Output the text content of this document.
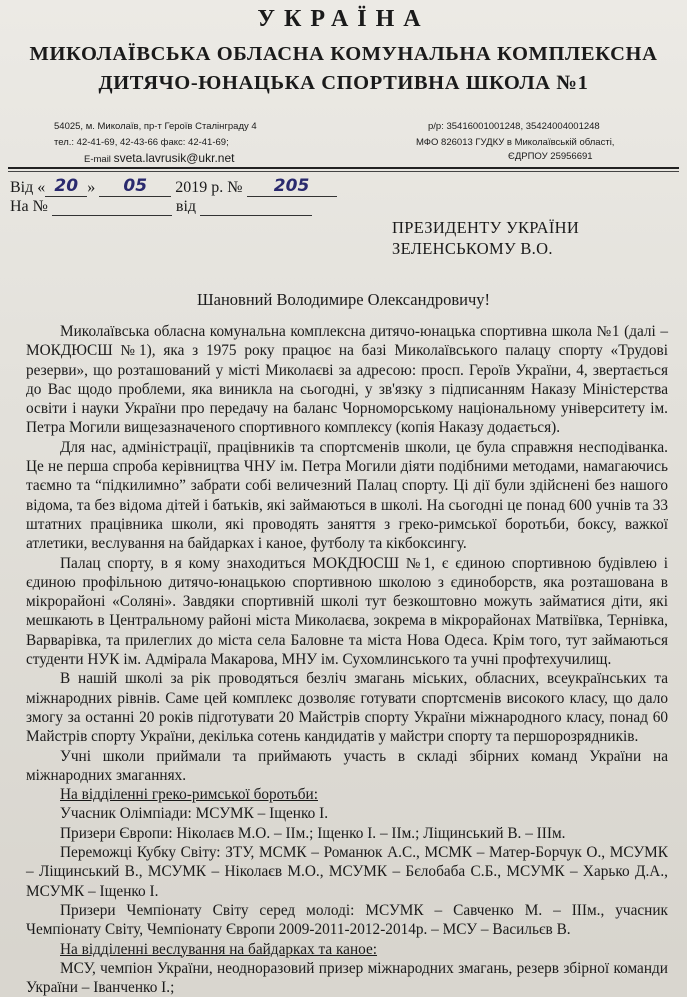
УКРАЇНА
МИКОЛАЇВСЬКА ОБЛАСНА КОМУНАЛЬНА КОМПЛЕКСНА
ДИТЯЧО-ЮНАЦЬКА СПОРТИВНА ШКОЛА №1
54025, м. Миколаїв, пр-т Героїв Сталінграду 4
тел.: 42-41-69, 42-43-66 факс: 42-41-69;
E-mail sveta.lavrusik@ukr.net
р/р: 35416001001248, 35424004001248
МФО 826013 ГУДКУ в Миколаївській області,
ЄДРПОУ 25956691
Від « 20 » 05 2019 р. № 205
На №	від
ПРЕЗИДЕНТУ УКРАЇНИ
ЗЕЛЕНСЬКОМУ В.О.
Шановний Володимире Олександровичу!

Миколаївська обласна комунальна комплексна дитячо-юнацька спортивна школа №1 (далі – МОКДЮСШ №1), яка з 1975 року працює на базі Миколаївського палацу спорту «Трудові резерви», що розташований у місті Миколаєві за адресою: просп. Героїв України, 4, звертається до Вас щодо проблеми, яка виникла на сьогодні, у зв'язку з підписанням Наказу Міністерства освіти і науки України про передачу на баланс Чорноморському національному університету ім. Петра Могили вищезазначеного спортивного комплексу (копія Наказу додається).

Для нас, адміністрації, працівників та спортсменів школи, це була справжня несподіванка. Це не перша спроба керівництва ЧНУ ім. Петра Могили діяти подібними методами, намагаючись таємно та “підкилимно” забрати собі величезний Палац спорту. Ці дії були здійснені без нашого відома, та без відома дітей і батьків, які займаються в школі. На сьогодні це понад 600 учнів та 33 штатних працівника школи, які проводять заняття з греко-римської боротьби, боксу, важкої атлетики, веслування на байдарках і каное, футболу та кікбоксингу.

Палац спорту, в я кому знаходиться МОКДЮСШ №1, є єдиною спортивною будівлею і єдиною профільною дитячо-юнацькою спортивною школою з єдиноборств, яка розташована в мікрорайоні «Соляні». Завдяки спортивній школі тут безкоштовно можуть займатися діти, які мешкають в Центральному районі міста Миколаєва, зокрема в мікрорайонах Матвіївка, Тернівка, Варварівка, та прилеглих до міста села Баловне та міста Нова Одеса. Крім того, тут займаються студенти НУК ім. Адмірала Макарова, МНУ ім. Сухомлинського та учні профтехучилищ.

В нашій школі за рік проводяться безліч змагань міських, обласних, всеукраїнських та міжнародних рівнів. Саме цей комплекс дозволяє готувати спортсменів високого класу, що дало змогу за останні 20 років підготувати 20 Майстрів спорту України міжнародного класу, понад 60 Майстрів спорту України, декілька сотень кандидатів у майстри спорту та першорозрядників.

Учні школи приймали та приймають участь в складі збірних команд України на міжнародних змаганнях.

На відділенні греко-римської боротьби:

Учасник Олімпіади: МСУМК – Іщенко І.

Призери Європи: Ніколаєв М.О. – ІІм.; Іщенко І. – ІІм.; Ліщинський В. – ІІІм.

Переможці Кубку Світу: ЗТУ, МСМК – Романюк А.С., МСМК – Матер-Борчук О., МСУМК – Ліщинський В., МСУМК – Ніколаєв М.О., МСУМК – Бєлобаба С.Б., МСУМК – Харько Д.А., МСУМК – Іщенко І.

Призери Чемпіонату Світу серед молоді: МСУМК – Савченко М. – ІІІм., учасник Чемпіонату Світу, Чемпіонату Європи 2009-2011-2012-2014р. – МСУ – Васильєв В.

На відділенні веслування на байдарках та каное:

МСУ, чемпіон України, неодноразовий призер міжнародних змагань, резерв збірної команди України – Іванченко І.;
